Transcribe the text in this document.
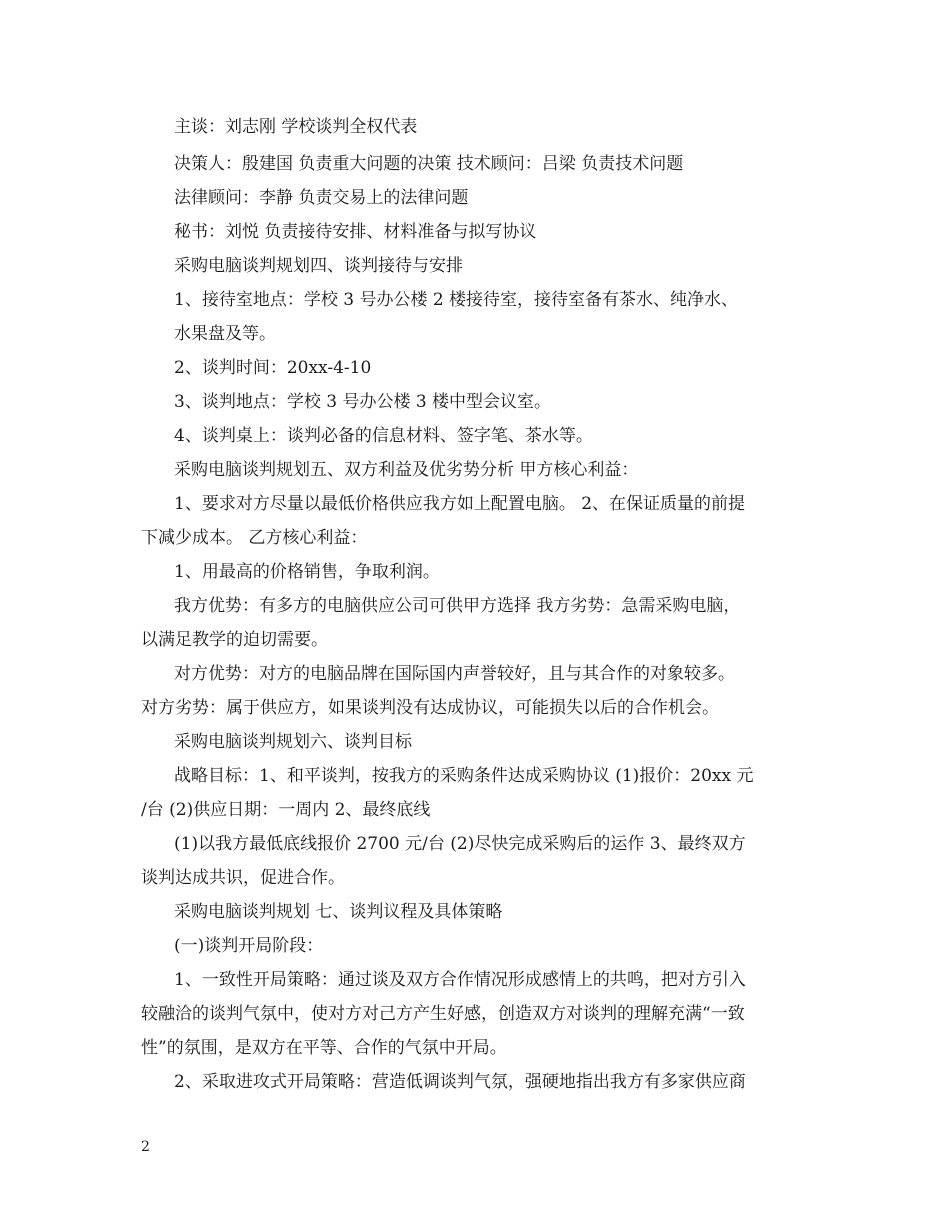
主谈：刘志刚 学校谈判全权代表
决策人：殷建国 负责重大问题的决策 技术顾问：吕梁 负责技术问题
法律顾问：李静 负责交易上的法律问题
秘书：刘悦 负责接待安排、材料准备与拟写协议
采购电脑谈判规划四、谈判接待与安排
1、接待室地点：学校 3 号办公楼 2 楼接待室，接待室备有茶水、纯净水、
水果盘及等。
2、谈判时间：20xx-4-10
3、谈判地点：学校 3 号办公楼 3 楼中型会议室。
4、谈判桌上：谈判必备的信息材料、签字笔、茶水等。
采购电脑谈判规划五、双方利益及优劣势分析 甲方核心利益：
1、要求对方尽量以最低价格供应我方如上配置电脑。 2、在保证质量的前提
下减少成本。 乙方核心利益：
1、用最高的价格销售，争取利润。
我方优势：有多方的电脑供应公司可供甲方选择 我方劣势：急需采购电脑，
以满足教学的迫切需要。
对方优势：对方的电脑品牌在国际国内声誉较好，且与其合作的对象较多。
对方劣势：属于供应方，如果谈判没有达成协议，可能损失以后的合作机会。
采购电脑谈判规划六、谈判目标
战略目标：1、和平谈判，按我方的采购条件达成采购协议 (1)报价：20xx 元
/台 (2)供应日期：一周内 2、最终底线
(1)以我方最低底线报价 2700 元/台 (2)尽快完成采购后的运作 3、最终双方
谈判达成共识，促进合作。
采购电脑谈判规划 七、谈判议程及具体策略
(一)谈判开局阶段：
1、一致性开局策略：通过谈及双方合作情况形成感情上的共鸣，把对方引入
较融洽的谈判气氛中，使对方对己方产生好感，创造双方对谈判的理解充满“一致
性”的氛围，是双方在平等、合作的气氛中开局。
2、采取进攻式开局策略：营造低调谈判气氛，强硬地指出我方有多家供应商
2
